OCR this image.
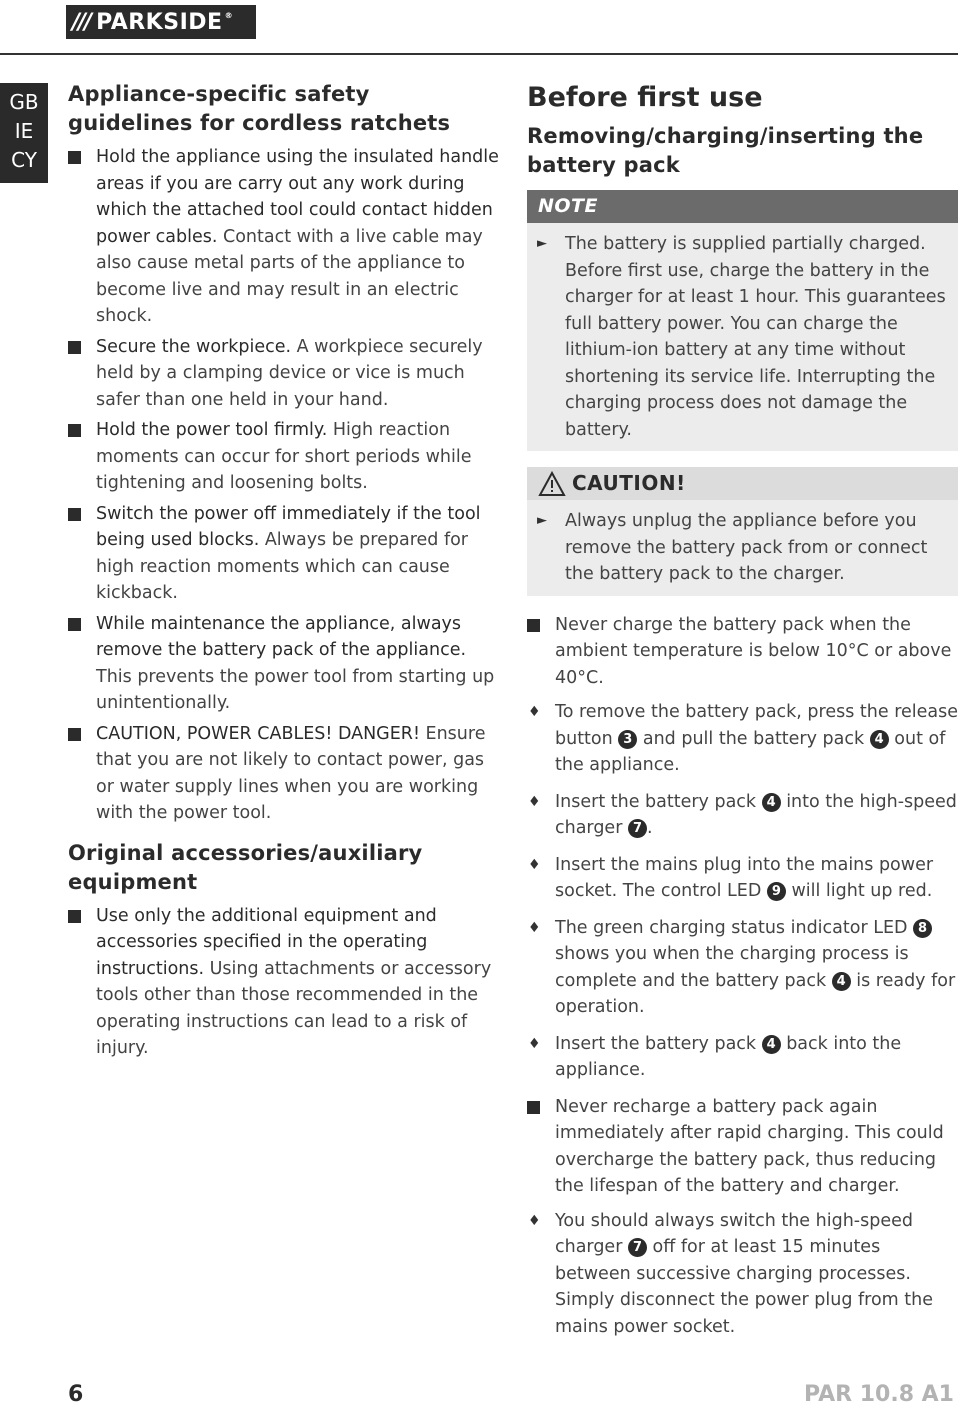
/// PARKSIDE ®
GB
IE
CY
Appliance-specific safety guidelines for cordless ratchets
Hold the appliance using the insulated handle areas if you are carry out any work during which the attached tool could contact hidden power cables. Contact with a live cable may also cause metal parts of the appliance to become live and may result in an electric shock.
Secure the workpiece. A workpiece securely held by a clamping device or vice is much safer than one held in your hand.
Hold the power tool firmly. High reaction moments can occur for short periods while tightening and loosening bolts.
Switch the power off immediately if the tool being used blocks. Always be prepared for high reaction moments which can cause kickback.
While maintenance the appliance, always remove the battery pack of the appliance. This prevents the power tool from starting up unintentionally.
CAUTION, POWER CABLES! DANGER! Ensure that you are not likely to contact power, gas or water supply lines when you are working with the power tool.
Original accessories/auxiliary equipment
Use only the additional equipment and accessories specified in the operating instructions. Using attachments or accessory tools other than those recommended in the operating instructions can lead to a risk of injury.
Before first use
Removing/charging/inserting the battery pack
NOTE
► The battery is supplied partially charged. Before first use, charge the battery in the charger for at least 1 hour. This guarantees full battery power. You can charge the lithium-ion battery at any time without shortening its service life. Interrupting the charging process does not damage the battery.
CAUTION!
► Always unplug the appliance before you remove the battery pack from or connect the battery pack to the charger.
Never charge the battery pack when the ambient temperature is below 10°C or above 40°C.
♦ To remove the battery pack, press the release button 3 and pull the battery pack 4 out of the appliance.
♦ Insert the battery pack 4 into the high-speed charger 7 .
♦ Insert the mains plug into the mains power socket. The control LED 9 will light up red.
♦ The green charging status indicator LED 8 shows you when the charging process is complete and the battery pack 4 is ready for operation.
♦ Insert the battery pack 4 back into the appliance.
Never recharge a battery pack again immediately after rapid charging. This could overcharge the battery pack, thus reducing the lifespan of the battery and charger.
♦ You should always switch the high-speed charger 7 off for at least 15 minutes between successive charging processes. Simply disconnect the power plug from the mains power socket.
6	PAR 10.8 A1
